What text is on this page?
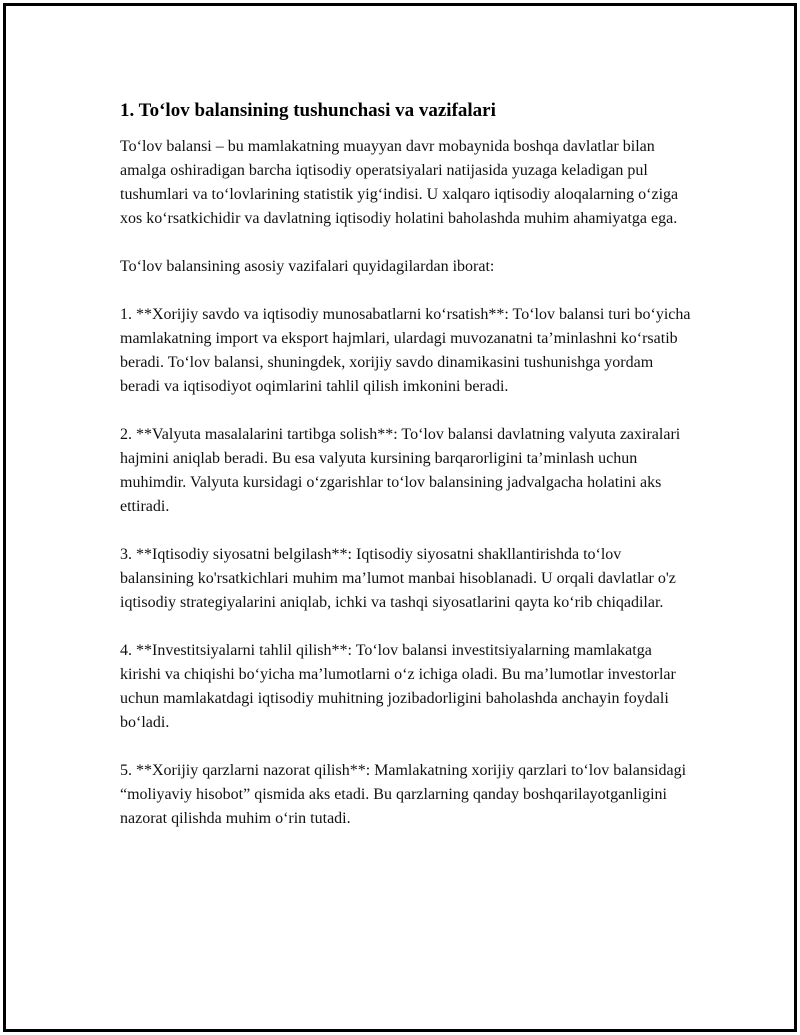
1. To‘lov balansining tushunchasi va vazifalari

To‘lov balansi – bu mamlakatning muayyan davr mobaynida boshqa davlatlar bilan amalga oshiradigan barcha iqtisodiy operatsiyalari natijasida yuzaga keladigan pul tushumlari va to‘lovlarining statistik yig‘indisi. U xalqaro iqtisodiy aloqalarning o‘ziga xos ko‘rsatkichidir va davlatning iqtisodiy holatini baholashda muhim ahamiyatga ega.

To‘lov balansining asosiy vazifalari quyidagilardan iborat:

1. **Xorijiy savdo va iqtisodiy munosabatlarni ko‘rsatish**: To‘lov balansi turi bo‘yicha mamlakatning import va eksport hajmlari, ulardagi muvozanatni ta’minlashni ko‘rsatib beradi. To‘lov balansi, shuningdek, xorijiy savdo dinamikasini tushunishga yordam beradi va iqtisodiyot oqimlarini tahlil qilish imkonini beradi.

2. **Valyuta masalalarini tartibga solish**: To‘lov balansi davlatning valyuta zaxiralari hajmini aniqlab beradi. Bu esa valyuta kursining barqarorligini ta’minlash uchun muhimdir. Valyuta kursidagi o‘zgarishlar to‘lov balansining jadvalgacha holatini aks ettiradi.

3. **Iqtisodiy siyosatni belgilash**: Iqtisodiy siyosatni shakllantirishda to‘lov balansining ko'rsatkichlari muhim ma’lumot manbai hisoblanadi. U orqali davlatlar o'z iqtisodiy strategiyalarini aniqlab, ichki va tashqi siyosatlarini qayta ko‘rib chiqadilar.

4. **Investitsiyalarni tahlil qilish**: To‘lov balansi investitsiyalarning mamlakatga kirishi va chiqishi bo‘yicha ma’lumotlarni o‘z ichiga oladi. Bu ma’lumotlar investorlar uchun mamlakatdagi iqtisodiy muhitning jozibadorligini baholashda anchayin foydali bo‘ladi.

5. **Xorijiy qarzlarni nazorat qilish**: Mamlakatning xorijiy qarzlari to‘lov balansidagi “moliyaviy hisobot” qismida aks etadi. Bu qarzlarning qanday boshqarilayotganligini nazorat qilishda muhim o‘rin tutadi.
